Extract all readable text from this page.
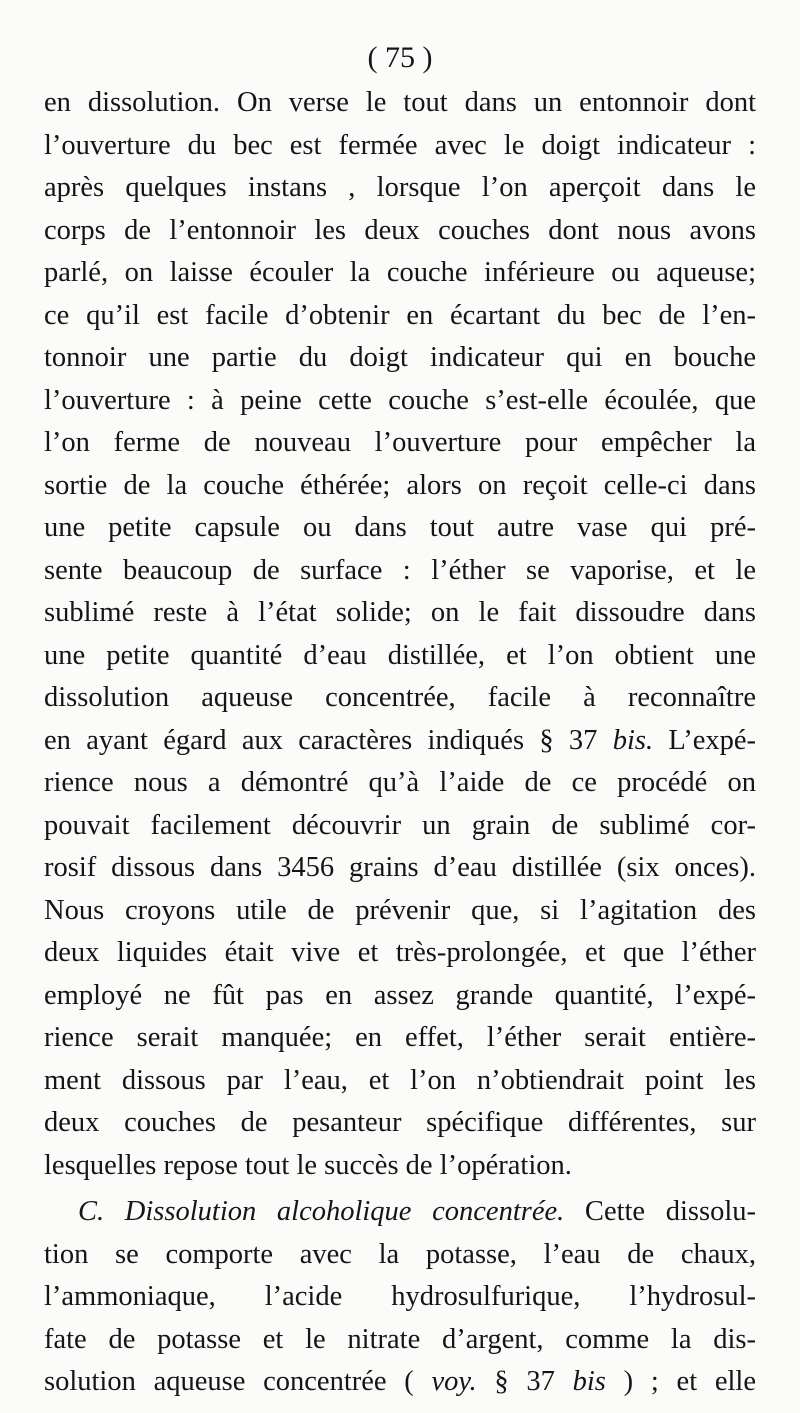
( 75 )
en dissolution. On verse le tout dans un entonnoir dont
l’ouverture du bec est fermée avec le doigt indicateur :
après quelques instans , lorsque l’on aperçoit dans le
corps de l’entonnoir les deux couches dont nous avons
parlé, on laisse écouler la couche inférieure ou aqueuse;
ce qu’il est facile d’obtenir en écartant du bec de l’en-
tonnoir une partie du doigt indicateur qui en bouche
l’ouverture : à peine cette couche s’est-elle écoulée, que
l’on ferme de nouveau l’ouverture pour empêcher la
sortie de la couche éthérée; alors on reçoit celle-ci dans
une petite capsule ou dans tout autre vase qui pré-
sente beaucoup de surface : l’éther se vaporise, et le
sublimé reste à l’état solide; on le fait dissoudre dans
une petite quantité d’eau distillée, et l’on obtient une
dissolution aqueuse concentrée, facile à reconnaître
en ayant égard aux caractères indiqués § 37 bis. L’expé-
rience nous a démontré qu’à l’aide de ce procédé on
pouvait facilement découvrir un grain de sublimé cor-
rosif dissous dans 3456 grains d’eau distillée (six onces).
Nous croyons utile de prévenir que, si l’agitation des
deux liquides était vive et très-prolongée, et que l’éther
employé ne fût pas en assez grande quantité, l’expé-
rience serait manquée; en effet, l’éther serait entière-
ment dissous par l’eau, et l’on n’obtiendrait point les
deux couches de pesanteur spécifique différentes, sur
lesquelles repose tout le succès de l’opération.
C. Dissolution alcoholique concentrée. Cette dissolu-
tion se comporte avec la potasse, l’eau de chaux,
l’ammoniaque, l’acide hydrosulfurique, l’hydrosul-
fate de potasse et le nitrate d’argent, comme la dis-
solution aqueuse concentrée ( voy. § 37 bis ) ; et elle
